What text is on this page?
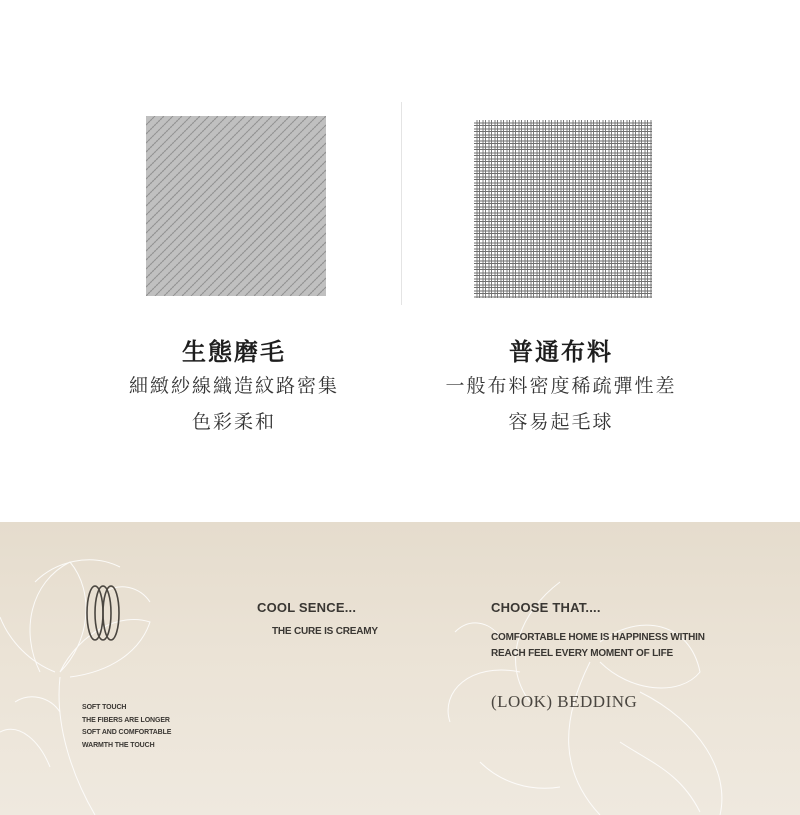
生態磨毛
細緻紗線織造紋路密集
色彩柔和
普通布料
一般布料密度稀疏彈性差
容易起毛球
COOL SENCE...
THE CURE IS CREAMY
CHOOSE THAT....
COMFORTABLE HOME IS HAPPINESS WITHIN
REACH FEEL EVERY MOMENT OF LIFE
(LOOK) BEDDING
SOFT TOUCH
THE FIBERS ARE LONGER
SOFT AND COMFORTABLE
WARMTH THE TOUCH
